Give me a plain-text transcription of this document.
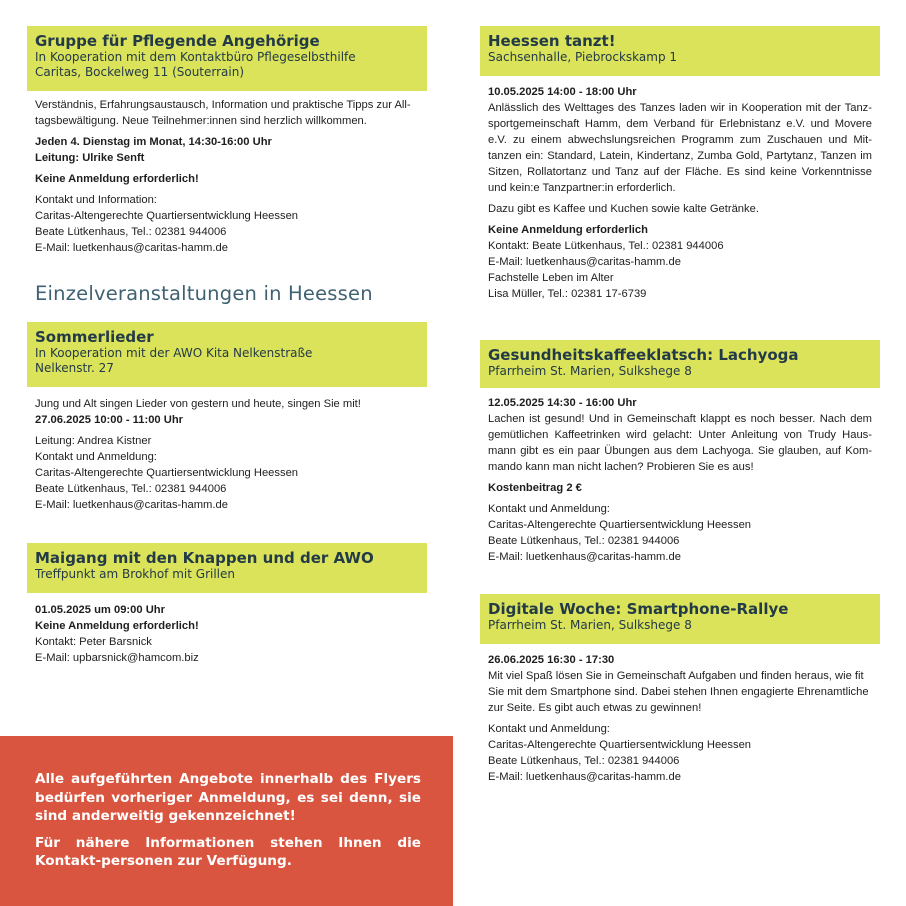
Gruppe für Pflegende Angehörige
In Kooperation mit dem Kontaktbüro Pflegeselbsthilfe
Caritas, Bockelweg 11 (Souterrain)

Verständnis, Erfahrungsaustausch, Information und praktische Tipps zur All-

tagsbewältigung. Neue Teilnehmer:innen sind herzlich willkommen.

Jeden 4. Dienstag im Monat, 14:30-16:00 Uhr

Leitung: Ulrike Senft

Keine Anmeldung erforderlich!

Kontakt und Information:

Caritas-Altengerechte Quartiersentwicklung Heessen

Beate Lütkenhaus, Tel.: 02381 944006

E-Mail: luetkenhaus@caritas-hamm.de

Einzelveranstaltungen in Heessen
Sommerlieder
In Kooperation mit der AWO Kita Nelkenstraße
Nelkenstr. 27

Jung und Alt singen Lieder von gestern und heute, singen Sie mit!

27.06.2025 10:00 - 11:00 Uhr

Leitung: Andrea Kistner

Kontakt und Anmeldung:

Caritas-Altengerechte Quartiersentwicklung Heessen

Beate Lütkenhaus, Tel.: 02381 944006

E-Mail: luetkenhaus@caritas-hamm.de

Maigang mit den Knappen und der AWO
Treffpunkt am Brokhof mit Grillen

01.05.2025 um 09:00 Uhr

Keine Anmeldung erforderlich!

Kontakt: Peter Barsnick

E-Mail: upbarsnick@hamcom.biz

Alle aufgeführten Angebote innerhalb des Flyers bedürfen vorheriger Anmeldung, es sei denn, sie sind anderweitig gekennzeichnet!

Für nähere Informationen stehen Ihnen die Kontakt-personen zur Verfügung.

Heessen tanzt!
Sachsenhalle, Piebrockskamp 1

10.05.2025 14:00 - 18:00 Uhr

Anlässlich des Welttages des Tanzes laden wir in Kooperation mit der Tanz-sportgemeinschaft Hamm, dem Verband für Erlebnistanz e.V. und Movere e.V. zu einem abwechslungsreichen Programm zum Zuschauen und Mit-tanzen ein: Standard, Latein, Kindertanz, Zumba Gold, Partytanz, Tanzen im Sitzen, Rollatortanz und Tanz auf der Fläche. Es sind keine Vorkenntnisse und kein:e Tanzpartner:in erforderlich.

Dazu gibt es Kaffee und Kuchen sowie kalte Getränke.

Keine Anmeldung erforderlich

Kontakt: Beate Lütkenhaus, Tel.: 02381 944006

E-Mail: luetkenhaus@caritas-hamm.de

Fachstelle Leben im Alter

Lisa Müller, Tel.: 02381 17-6739

Gesundheitskaffeeklatsch: Lachyoga
Pfarrheim St. Marien, Sulkshege 8

12.05.2025 14:30 - 16:00 Uhr

Lachen ist gesund! Und in Gemeinschaft klappt es noch besser. Nach dem gemütlichen Kaffeetrinken wird gelacht: Unter Anleitung von Trudy Haus-mann gibt es ein paar Übungen aus dem Lachyoga. Sie glauben, auf Kom-mando kann man nicht lachen? Probieren Sie es aus!

Kostenbeitrag 2 €

Kontakt und Anmeldung:

Caritas-Altengerechte Quartiersentwicklung Heessen

Beate Lütkenhaus, Tel.: 02381 944006

E-Mail: luetkenhaus@caritas-hamm.de

Digitale Woche: Smartphone-Rallye
Pfarrheim St. Marien, Sulkshege 8

26.06.2025 16:30 - 17:30

Mit viel Spaß lösen Sie in Gemeinschaft Aufgaben und finden heraus, wie fit Sie mit dem Smartphone sind. Dabei stehen Ihnen engagierte Ehrenamtliche zur Seite. Es gibt auch etwas zu gewinnen!

Kontakt und Anmeldung:

Caritas-Altengerechte Quartiersentwicklung Heessen

Beate Lütkenhaus, Tel.: 02381 944006

E-Mail: luetkenhaus@caritas-hamm.de
